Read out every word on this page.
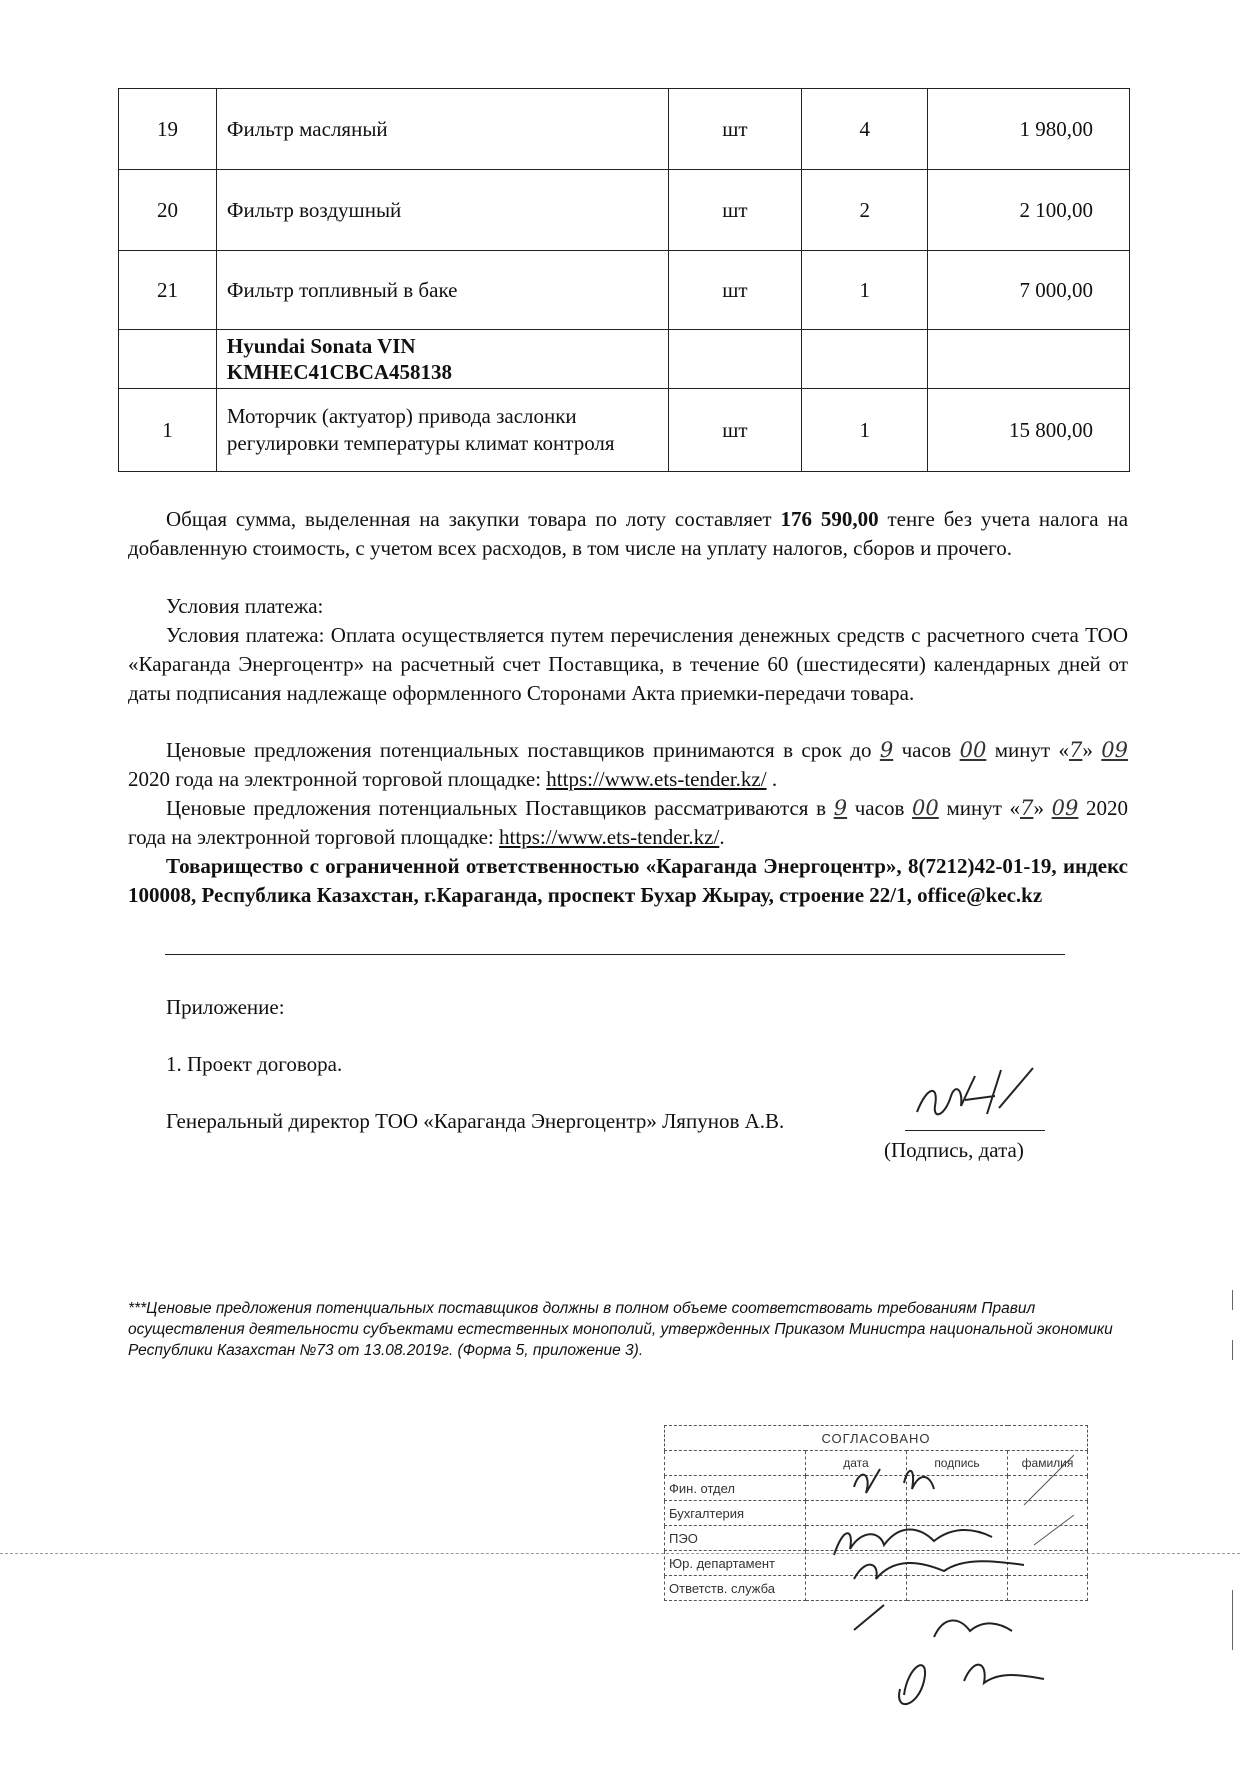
19	Фильтр масляный	шт	4	1 980,00
20	Фильтр воздушный	шт	2	2 100,00
21	Фильтр топливный в баке	шт	1	7 000,00
	Hyundai Sonata VIN
KMHEC41CBCA458138			
1	Моторчик (актуатор) привода заслонки регулировки температуры климат контроля	шт	1	15 800,00
Общая сумма, выделенная на закупки товара по лоту составляет 176 590,00 тенге без учета налога на добавленную стоимость, с учетом всех расходов, в том числе на уплату налогов, сборов и прочего.
Условия платежа:
Условия платежа: Оплата осуществляется путем перечисления денежных средств с расчетного счета ТОО «Караганда Энергоцентр» на расчетный счет Поставщика, в течение 60 (шестидесяти) календарных дней от даты подписания надлежаще оформленного Сторонами Акта приемки-передачи товара.
Ценовые предложения потенциальных поставщиков принимаются в срок до 9 часов 00 минут «7» 09 2020 года на электронной торговой площадке: https://www.ets-tender.kz/ .
Ценовые предложения потенциальных Поставщиков рассматриваются в 9 часов 00 минут «7» 09 2020 года на электронной торговой площадке: https://www.ets-tender.kz/.
Товарищество с ограниченной ответственностью «Караганда Энергоцентр», 8(7212)42-01-19, индекс 100008, Республика Казахстан, г.Караганда, проспект Бухар Жырау, строение 22/1, office@kec.kz
Приложение:
1. Проект договора.
Генеральный директор ТОО «Караганда Энергоцентр» Ляпунов А.В.
(Подпись, дата)
***Ценовые предложения потенциальных поставщиков должны в полном объеме соответствовать требованиям Правил осуществления деятельности субъектами естественных монополий, утвержденных Приказом Министра национальной экономики Республики Казахстан №73 от 13.08.2019г. (Форма 5, приложение 3).
СОГЛАСОВАНО			
	дата	подпись	фамилия
Фин. отдел			
Бухгалтерия			
ПЭО			
Юр. департамент			
Ответств. служба			
